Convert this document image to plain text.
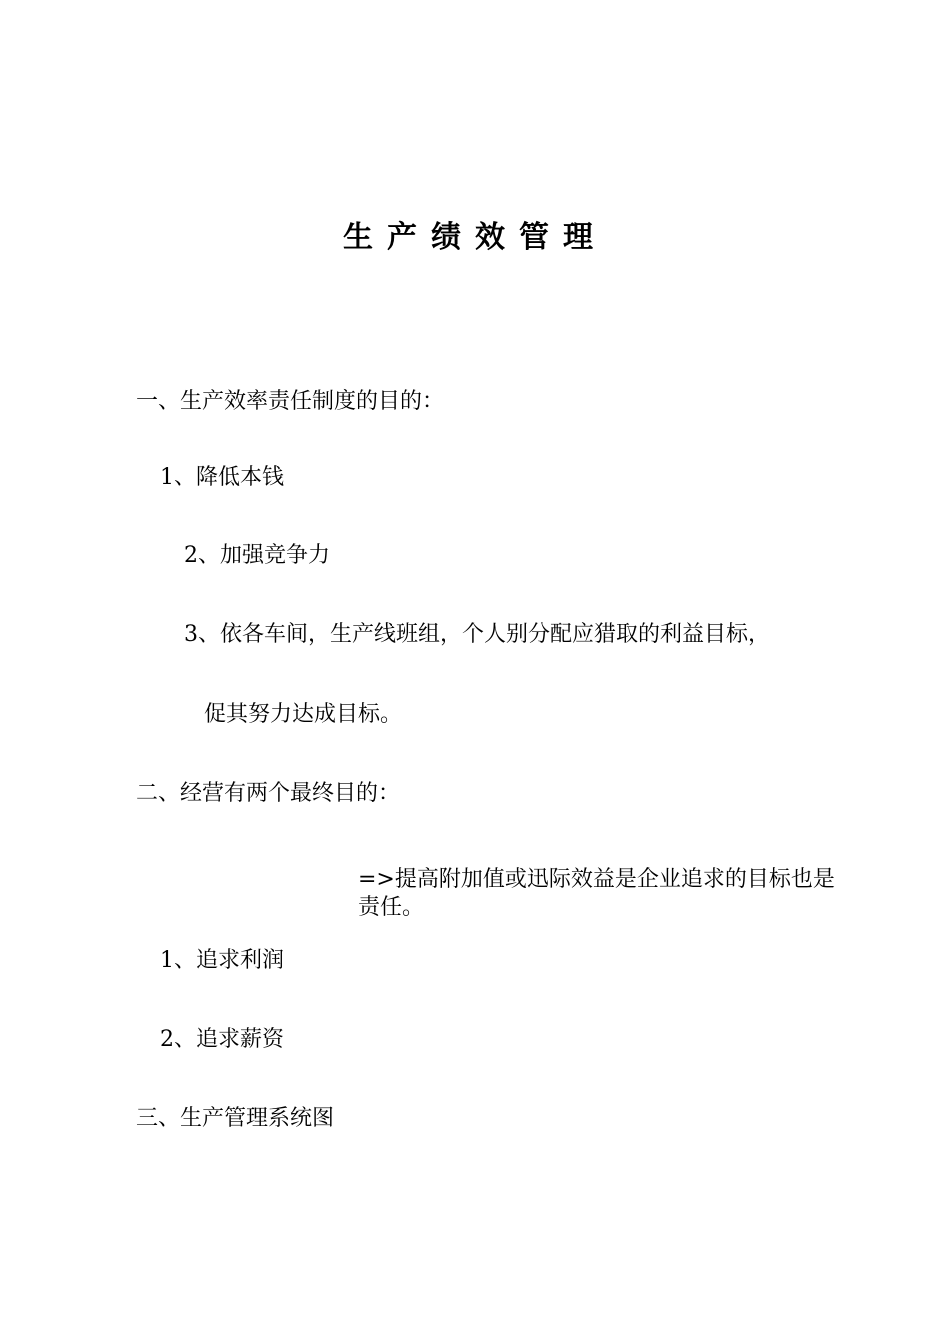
生产绩效管理
一、生产效率责任制度的目的：
1、降低本钱
2、加强竞争力
3、依各车间，生产线班组，个人别分配应猎取的利益目标，
促其努力达成目标。
二、经营有两个最终目的：
=>提高附加值或迅际效益是企业追求的目标也是责任。
1、追求利润
2、追求薪资
三、生产管理系统图
